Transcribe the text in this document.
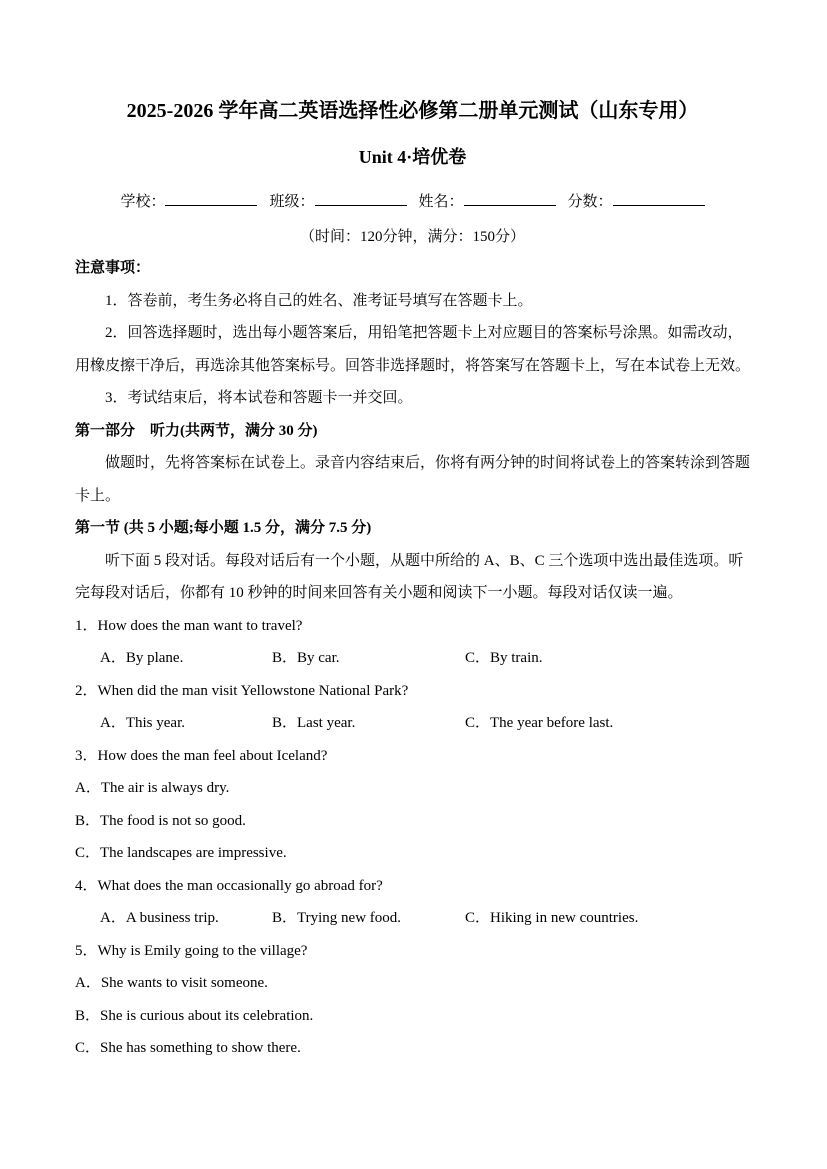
2025-2026 学年高二英语选择性必修第二册单元测试（山东专用）
Unit 4·培优卷
学校：	班级：	姓名：	分数：
（时间：120分钟，满分：150分）

注意事项：

1．答卷前，考生务必将自己的姓名、准考证号填写在答题卡上。

2．回答选择题时，选出每小题答案后，用铅笔把答题卡上对应题目的答案标号涂黑。如需改动，用橡皮擦干净后，再选涂其他答案标号。回答非选择题时，将答案写在答题卡上，写在本试卷上无效。

3．考试结束后，将本试卷和答题卡一并交回。

第一部分　听力(共两节，满分 30 分)

做题时，先将答案标在试卷上。录音内容结束后，你将有两分钟的时间将试卷上的答案转涂到答题卡上。

第一节 (共 5 小题;每小题 1.5 分，满分 7.5 分)

听下面 5 段对话。每段对话后有一个小题，从题中所给的 A、B、C 三个选项中选出最佳选项。听完每段对话后，你都有 10 秒钟的时间来回答有关小题和阅读下一小题。每段对话仅读一遍。

1．How does the man want to travel?

A．By plane.	B．By car.	C．By train.

2．When did the man visit Yellowstone National Park?

A．This year.	B．Last year.	C．The year before last.

3．How does the man feel about Iceland?

A．The air is always dry.

B．The food is not so good.

C．The landscapes are impressive.

4．What does the man occasionally go abroad for?

A．A business trip.	B．Trying new food.	C．Hiking in new countries.

5．Why is Emily going to the village?

A．She wants to visit someone.

B．She is curious about its celebration.

C．She has something to show there.
